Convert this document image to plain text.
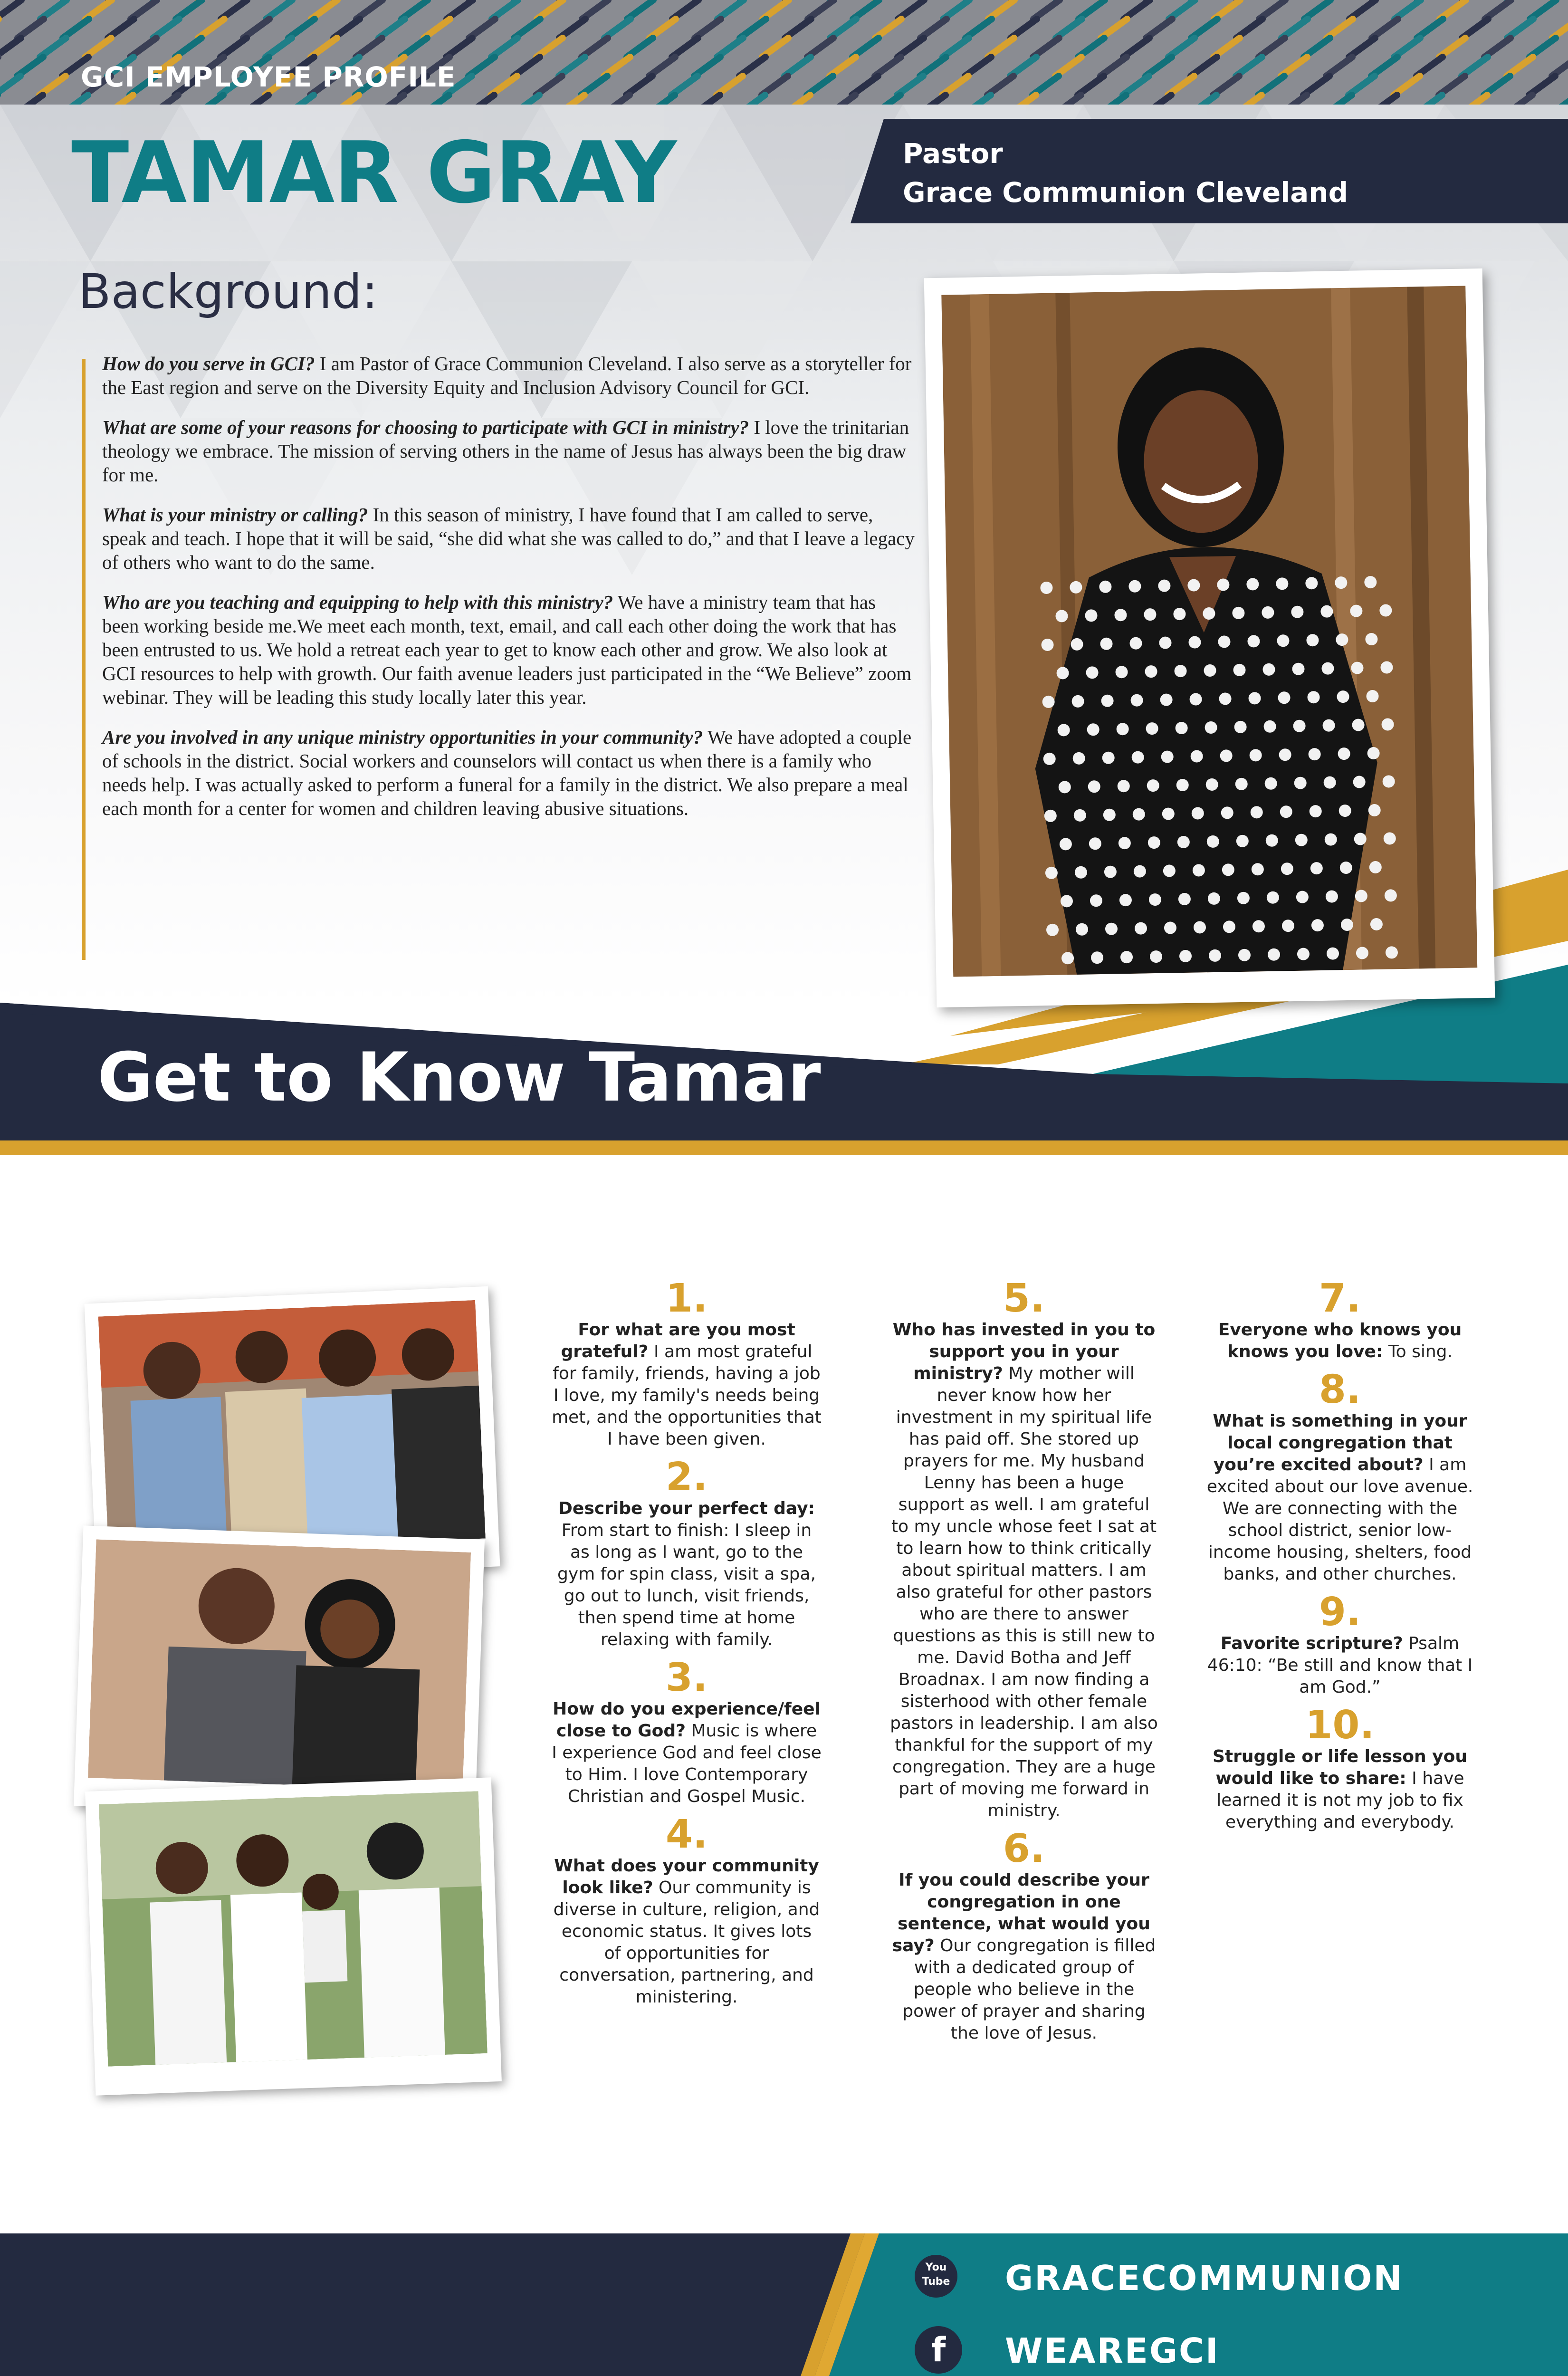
GCI EMPLOYEE PROFILE
TAMAR GRAY	Pastor
Grace Communion Cleveland
Background:

How do you serve in GCI? I am Pastor of Grace Communion Cleveland. I also serve as a storyteller for the East region and serve on the Diversity Equity and Inclusion Advisory Council for GCI.

What are some of your reasons for choosing to participate with GCI in ministry? I love the trinitarian theology we embrace. The mission of serving others in the name of Jesus has always been the big draw for me.

What is your ministry or calling? In this season of ministry, I have found that I am called to serve, speak and teach. I hope that it will be said, “she did what she was called to do,” and that I leave a legacy of others who want to do the same.

Who are you teaching and equipping to help with this ministry? We have a ministry team that has been working beside me.We meet each month, text, email, and call each other doing the work that has been entrusted to us. We hold a retreat each year to get to know each other and grow. We also look at GCI resources to help with growth. Our faith avenue leaders just participated in the “We Believe” zoom webinar. They will be leading this study locally later this year.

Are you involved in any unique ministry opportunities in your community? We have adopted a couple of schools in the district. Social workers and counselors will contact us when there is a family who needs help. I was actually asked to perform a funeral for a family in the district. We also prepare a meal each month for a center for women and children leaving abusive situations.

Get to Know Tamar
1.
For what are you most grateful? I am most grateful for family, friends, having a job I love, my family's needs being met, and the opportunities that I have been given.
2.
Describe your perfect day: From start to finish: I sleep in as long as I want, go to the gym for spin class, visit a spa, go out to lunch, visit friends, then spend time at home relaxing with family.
3.
How do you experience/feel close to God? Music is where I experience God and feel close to Him. I love Contemporary Christian and Gospel Music.
4.
What does your community look like? Our community is diverse in culture, religion, and economic status. It gives lots of opportunities for conversation, partnering, and ministering.
5.
Who has invested in you to support you in your ministry? My mother will never know how her investment in my spiritual life has paid off. She stored up prayers for me. My husband Lenny has been a huge support as well. I am grateful to my uncle whose feet I sat at to learn how to think critically about spiritual matters. I am also grateful for other pastors who are there to answer questions as this is still new to me. David Botha and Jeff Broadnax. I am now finding a sisterhood with other female pastors in leadership. I am also thankful for the support of my congregation. They are a huge part of moving me forward in ministry.
6.
If you could describe your congregation in one sentence, what would you say? Our congregation is filled with a dedicated group of people who believe in the power of prayer and sharing the love of Jesus.
7.
Everyone who knows you knows you love: To sing.
8.
What is something in your local congregation that you’re excited about? I am excited about our love avenue. We are connecting with the school district, senior low-income housing, shelters, food banks, and other churches.
9.
Favorite scripture? Psalm 46:10: “Be still and know that I am God.”
10.
Struggle or life lesson you would like to share: I have learned it is not my job to fix everything and everybody.
You Tube GRACECOMMUNION
f	WEAREGCI
